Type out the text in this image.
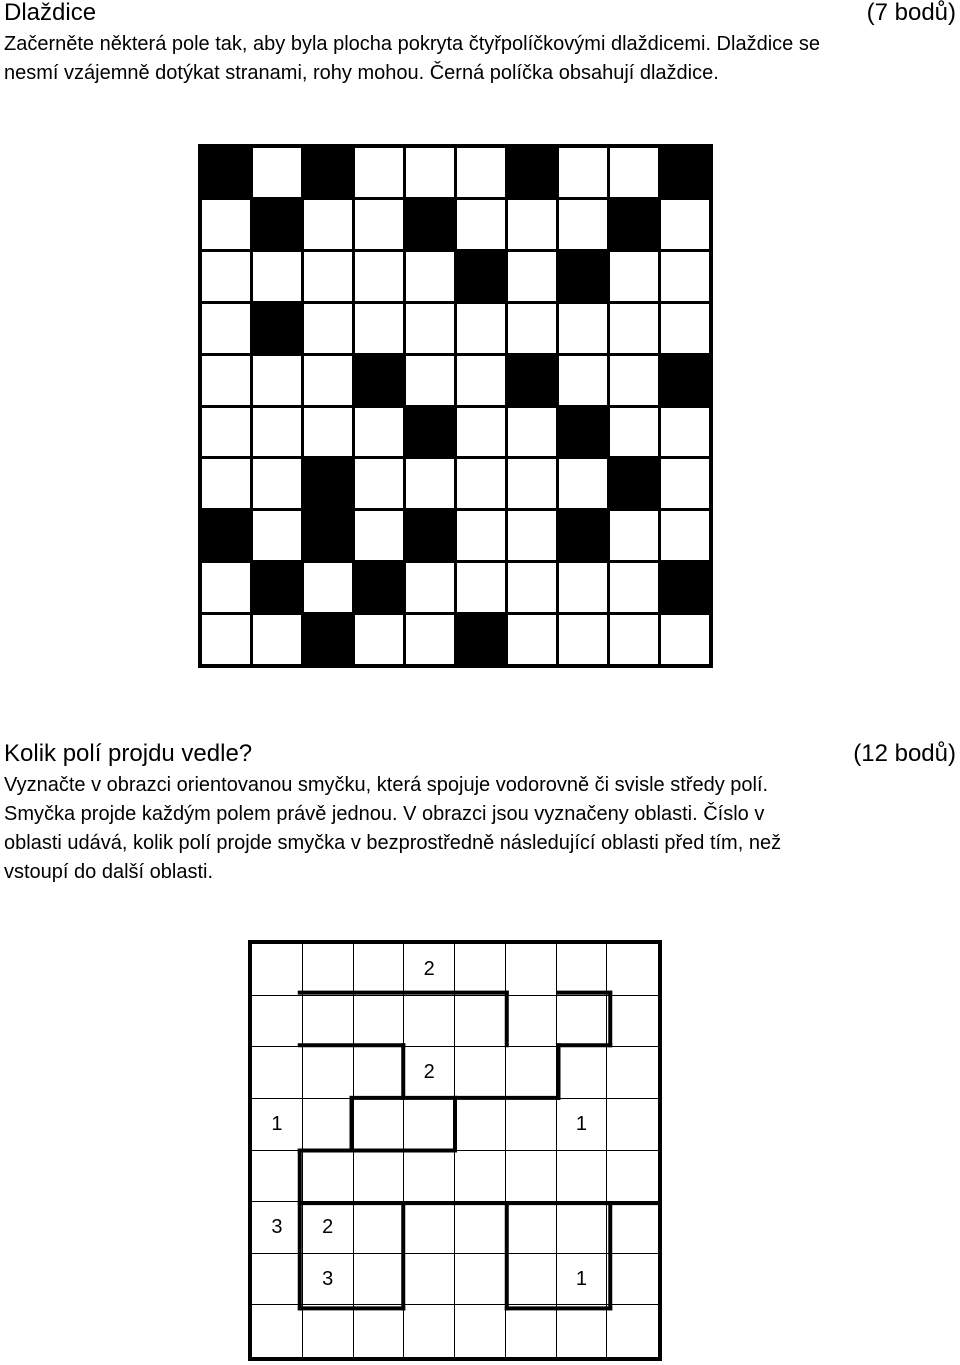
Dlaždice	(7 bodů)
Začerněte některá pole tak, aby byla plocha pokryta čtyřpolíčkovými dlaždicemi. Dlaždice se
nesmí vzájemně dotýkat stranami, rohy mohou. Černá políčka obsahují dlaždice.
Kolik polí projdu vedle?	(12 bodů)
Vyznačte v obrazci orientovanou smyčku, která spojuje vodorovně či svisle středy polí.
Smyčka projde každým polem právě jednou. V obrazci jsou vyznačeny oblasti. Číslo v
oblasti udává, kolik polí projde smyčka v bezprostředně následující oblasti před tím, než
vstoupí do další oblasti.
2
2
1	1
3 2
3	1
